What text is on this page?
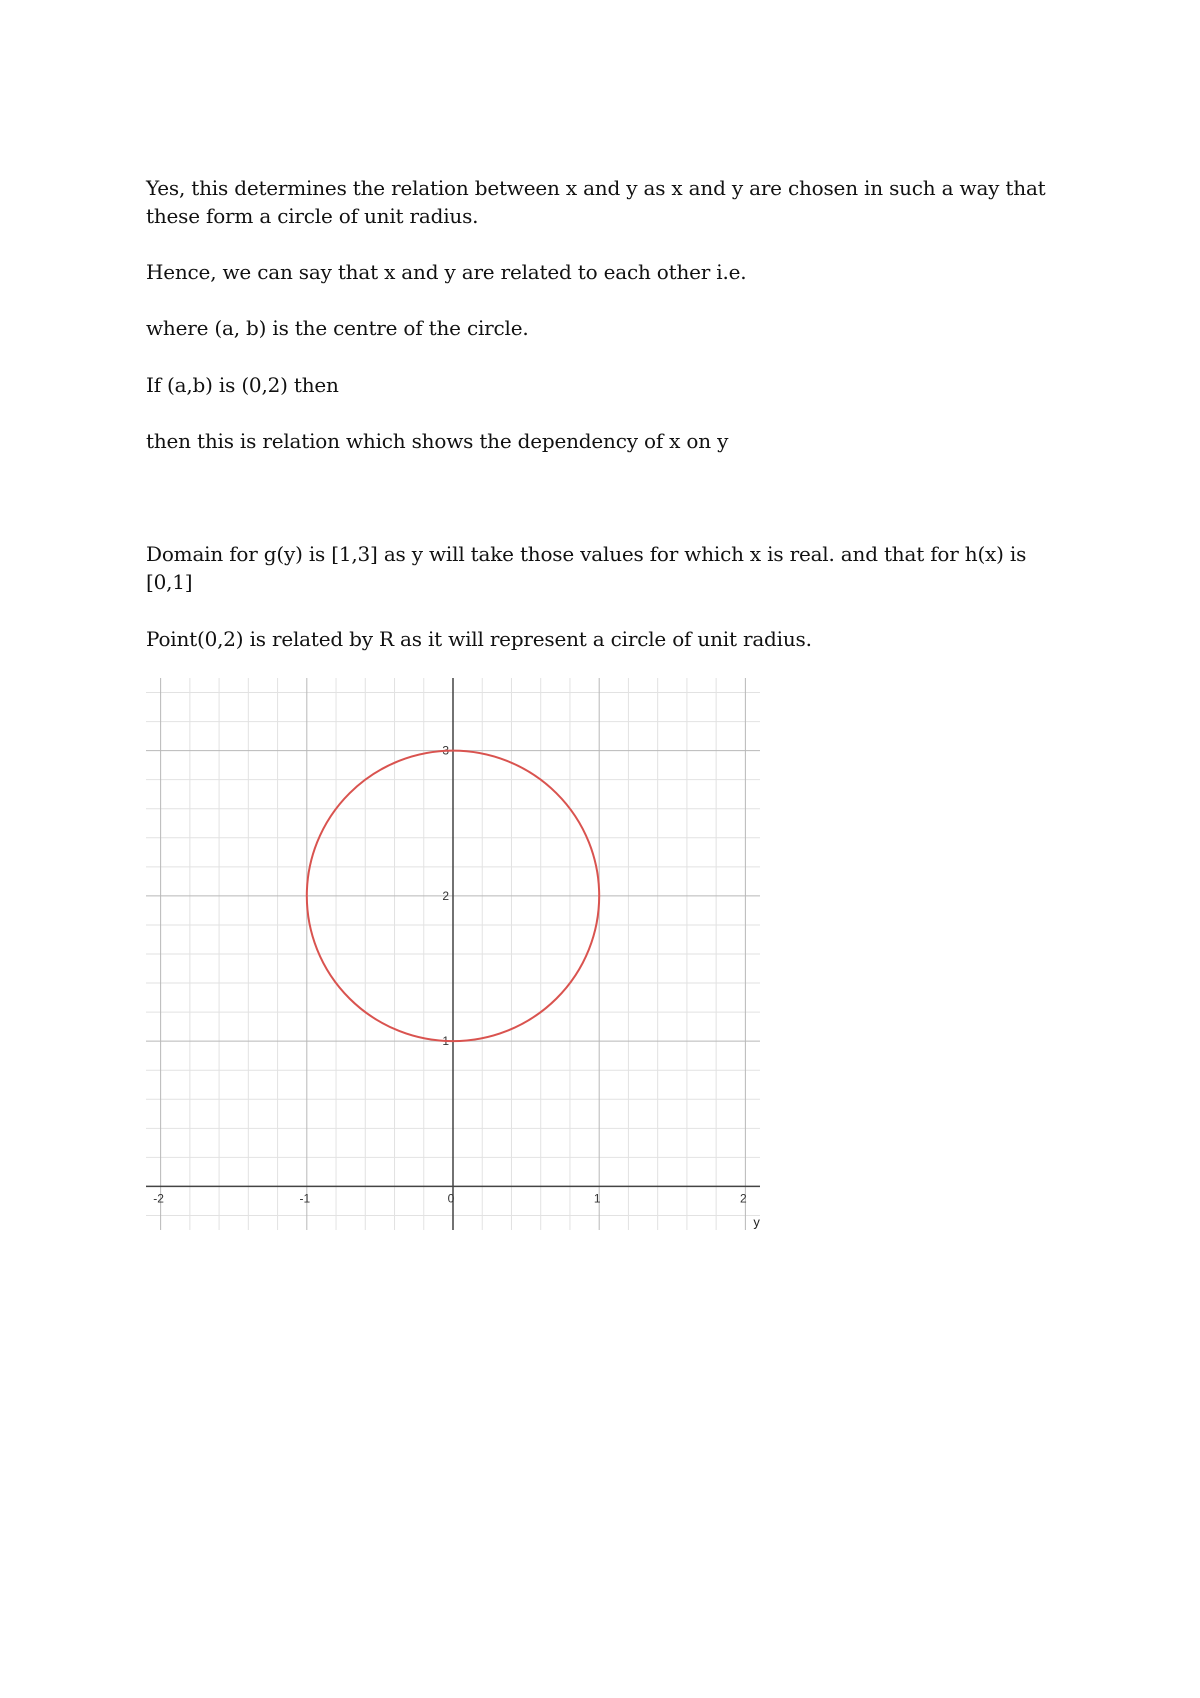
Yes, this determines the relation between x and y as x and y are chosen in such a way that these form a circle of unit radius.

Hence, we can say that x and y are related to each other i.e.

where (a, b) is the centre of the circle.

If (a,b) is (0,2) then

then this is relation which shows the dependency of x on y

Domain for g(y) is [1,3] as y will take those values for which x is real. and that for h(x) is [0,1]

Point(0,2) is related by R as it will represent a circle of unit radius.

-2	-1	0	1	2
1
2
3
y
